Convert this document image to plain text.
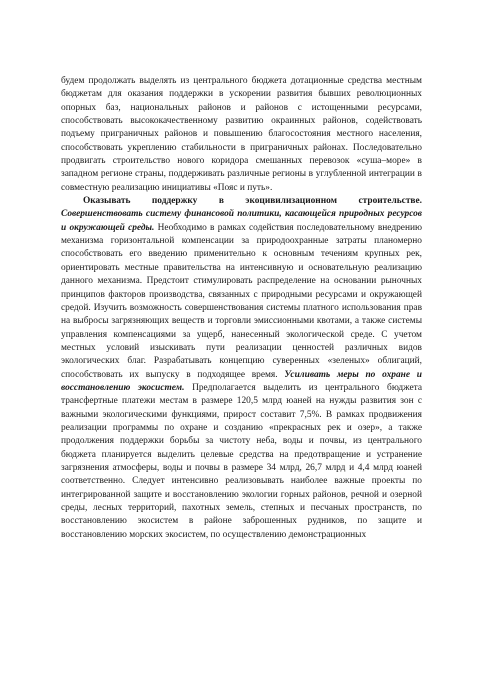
будем продолжать выделять из центрального бюджета дотационные средства местным бюджетам для оказания поддержки в ускорении развития бывших революционных опорных баз, национальных районов и районов с истощенными ресурсами, способствовать высококачественному развитию окраинных районов, содействовать подъему приграничных районов и повышению благосостояния местного населения, способствовать укреплению стабильности в приграничных районах. Последовательно продвигать строительство нового коридора смешанных перевозок «суша–море» в западном регионе страны, поддерживать различные регионы в углубленной интеграции в совместную реализацию инициативы «Пояс и путь».

Оказывать поддержку в экоцивилизационном строительстве. Совершенствовать систему финансовой политики, касающейся природных ресурсов и окружающей среды. Необходимо в рамках содействия последовательному внедрению механизма горизонтальной компенсации за природоохранные затраты планомерно способствовать его введению применительно к основным течениям крупных рек, ориентировать местные правительства на интенсивную и основательную реализацию данного механизма. Предстоит стимулировать распределение на основании рыночных принципов факторов производства, связанных с природными ресурсами и окружающей средой. Изучить возможность совершенствования системы платного использования прав на выбросы загрязняющих веществ и торговли эмиссионными квотами, а также системы управления компенсациями за ущерб, нанесенный экологической среде. С учетом местных условий изыскивать пути реализации ценностей различных видов экологических благ. Разрабатывать концепцию суверенных «зеленых» облигаций, способствовать их выпуску в подходящее время. Усиливать меры по охране и восстановлению экосистем. Предполагается выделить из центрального бюджета трансфертные платежи местам в размере 120,5 млрд юаней на нужды развития зон с важными экологическими функциями, прирост составит 7,5%. В рамках продвижения реализации программы по охране и созданию «прекрасных рек и озер», а также продолжения поддержки борьбы за чистоту неба, воды и почвы, из центрального бюджета планируется выделить целевые средства на предотвращение и устранение загрязнения атмосферы, воды и почвы в размере 34 млрд, 26,7 млрд и 4,4 млрд юаней соответственно. Следует интенсивно реализовывать наиболее важные проекты по интегрированной защите и восстановлению экологии горных районов, речной и озерной среды, лесных территорий, пахотных земель, степных и песчаных пространств, по восстановлению экосистем в районе заброшенных рудников, по защите и восстановлению морских экосистем, по осуществлению демонстрационных
